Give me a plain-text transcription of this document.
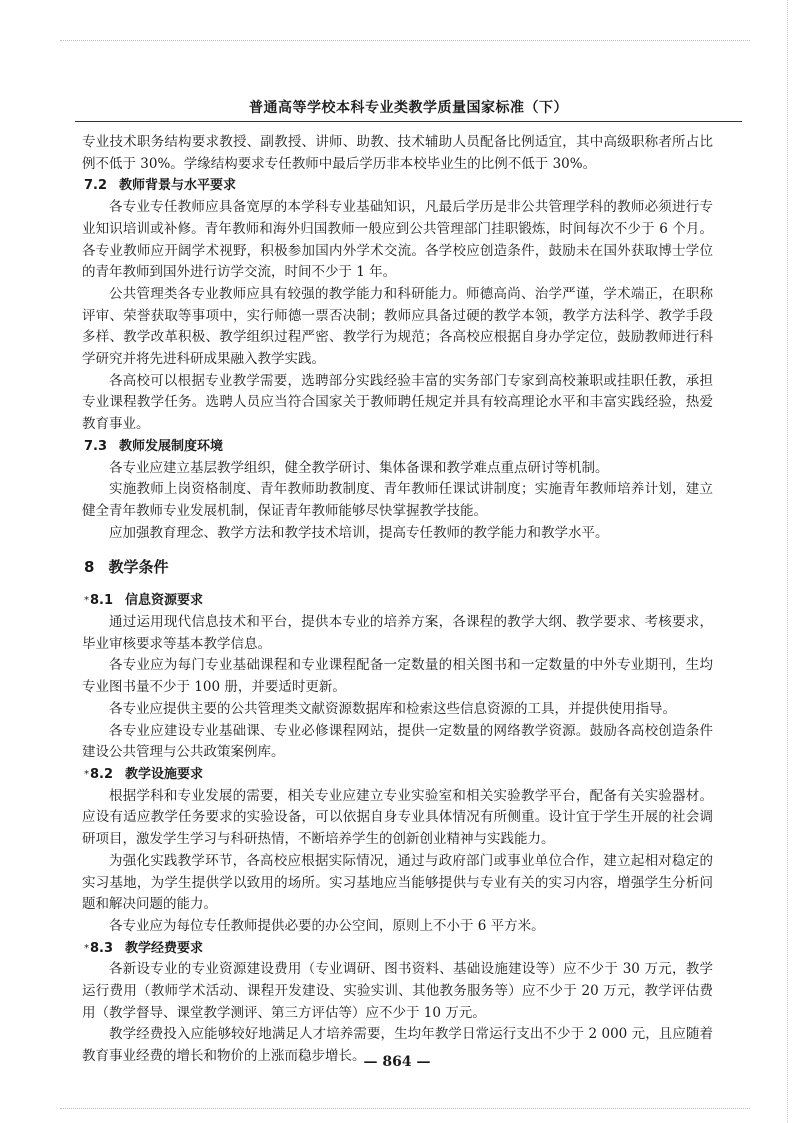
普通高等学校本科专业类教学质量国家标准（下）

专业技术职务结构要求教授、副教授、讲师、助教、技术辅助人员配备比例适宜，其中高级职称者所占比例不低于 30%。学缘结构要求专任教师中最后学历非本校毕业生的比例不低于 30%。

7.2 教师背景与水平要求

各专业专任教师应具备宽厚的本学科专业基础知识，凡最后学历是非公共管理学科的教师必须进行专业知识培训或补修。青年教师和海外归国教师一般应到公共管理部门挂职锻炼，时间每次不少于 6 个月。各专业教师应开阔学术视野，积极参加国内外学术交流。各学校应创造条件，鼓励未在国外获取博士学位的青年教师到国外进行访学交流，时间不少于 1 年。

公共管理类各专业教师应具有较强的教学能力和科研能力。师德高尚、治学严谨，学术端正，在职称评审、荣誉获取等事项中，实行师德一票否决制；教师应具备过硬的教学本领，教学方法科学、教学手段多样、教学改革积极、教学组织过程严密、教学行为规范；各高校应根据自身办学定位，鼓励教师进行科学研究并将先进科研成果融入教学实践。

各高校可以根据专业教学需要，选聘部分实践经验丰富的实务部门专家到高校兼职或挂职任教，承担专业课程教学任务。选聘人员应当符合国家关于教师聘任规定并具有较高理论水平和丰富实践经验，热爱教育事业。

7.3 教师发展制度环境

各专业应建立基层教学组织，健全教学研讨、集体备课和教学难点重点研讨等机制。

实施教师上岗资格制度、青年教师助教制度、青年教师任课试讲制度；实施青年教师培养计划，建立健全青年教师专业发展机制，保证青年教师能够尽快掌握教学技能。

应加强教育理念、教学方法和教学技术培训，提高专任教师的教学能力和教学水平。

8 教学条件
*8.1 信息资源要求

通过运用现代信息技术和平台，提供本专业的培养方案，各课程的教学大纲、教学要求、考核要求，毕业审核要求等基本教学信息。

各专业应为每门专业基础课程和专业课程配备一定数量的相关图书和一定数量的中外专业期刊，生均专业图书量不少于 100 册，并要适时更新。

各专业应提供主要的公共管理类文献资源数据库和检索这些信息资源的工具，并提供使用指导。

各专业应建设专业基础课、专业必修课程网站，提供一定数量的网络教学资源。鼓励各高校创造条件建设公共管理与公共政策案例库。

*8.2 教学设施要求

根据学科和专业发展的需要，相关专业应建立专业实验室和相关实验教学平台，配备有关实验器材。应设有适应教学任务要求的实验设备，可以依据自身专业具体情况有所侧重。设计宜于学生开展的社会调研项目，激发学生学习与科研热情，不断培养学生的创新创业精神与实践能力。

为强化实践教学环节，各高校应根据实际情况，通过与政府部门或事业单位合作，建立起相对稳定的实习基地，为学生提供学以致用的场所。实习基地应当能够提供与专业有关的实习内容，增强学生分析问题和解决问题的能力。

各专业应为每位专任教师提供必要的办公空间，原则上不小于 6 平方米。

*8.3 教学经费要求

各新设专业的专业资源建设费用（专业调研、图书资料、基础设施建设等）应不少于 30 万元，教学运行费用（教师学术活动、课程开发建设、实验实训、其他教务服务等）应不少于 20 万元，教学评估费用（教学督导、课堂教学测评、第三方评估等）应不少于 10 万元。

教学经费投入应能够较好地满足人才培养需要，生均年教学日常运行支出不少于 2 000 元，且应随着教育事业经费的增长和物价的上涨而稳步增长。

— 864 —
